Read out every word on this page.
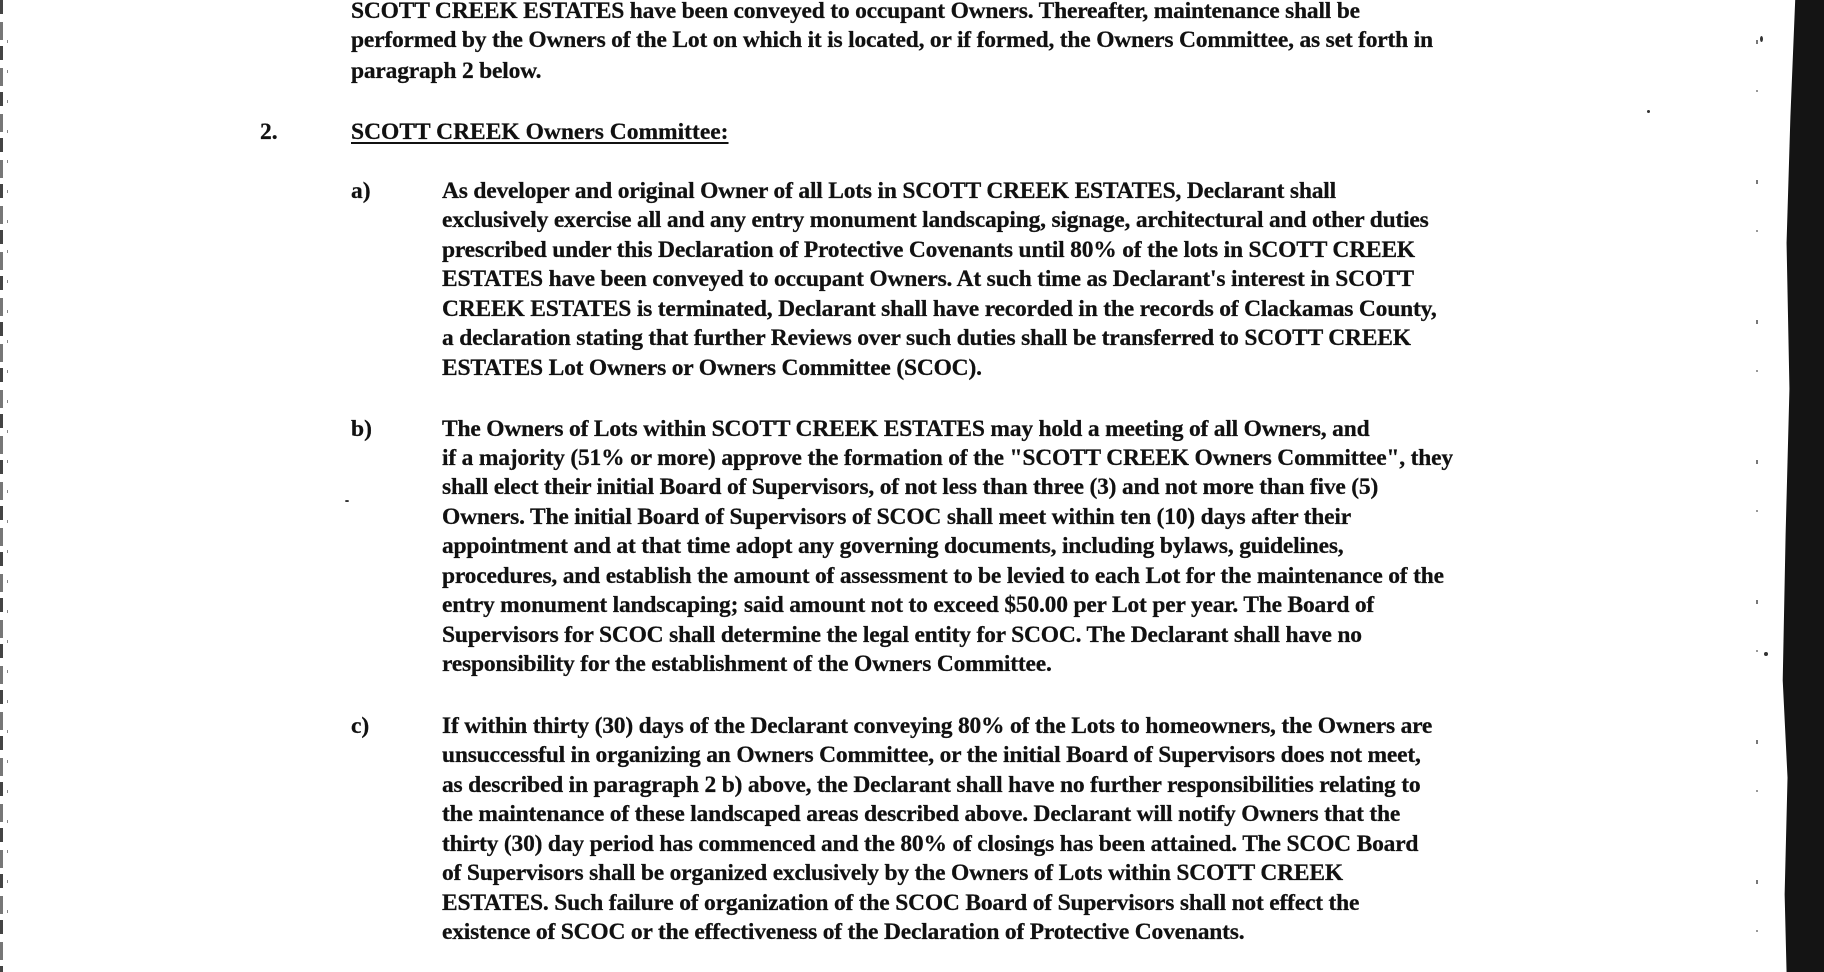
SCOTT CREEK ESTATES have been conveyed to occupant Owners. Thereafter, maintenance shall be
performed by the Owners of the Lot on which it is located, or if formed, the Owners Committee, as set forth in
paragraph 2 below.
2.	SCOTT CREEK Owners Committee:
a)	As developer and original Owner of all Lots in SCOTT CREEK ESTATES, Declarant shall
exclusively exercise all and any entry monument landscaping, signage, architectural and other duties
prescribed under this Declaration of Protective Covenants until 80% of the lots in SCOTT CREEK
ESTATES have been conveyed to occupant Owners. At such time as Declarant's interest in SCOTT
CREEK ESTATES is terminated, Declarant shall have recorded in the records of Clackamas County,
a declaration stating that further Reviews over such duties shall be transferred to SCOTT CREEK
ESTATES Lot Owners or Owners Committee (SCOC).
b)	The Owners of Lots within SCOTT CREEK ESTATES may hold a meeting of all Owners, and
if a majority (51% or more) approve the formation of the "SCOTT CREEK Owners Committee", they
shall elect their initial Board of Supervisors, of not less than three (3) and not more than five (5)
Owners. The initial Board of Supervisors of SCOC shall meet within ten (10) days after their
appointment and at that time adopt any governing documents, including bylaws, guidelines,
procedures, and establish the amount of assessment to be levied to each Lot for the maintenance of the
entry monument landscaping; said amount not to exceed $50.00 per Lot per year. The Board of
Supervisors for SCOC shall determine the legal entity for SCOC. The Declarant shall have no
responsibility for the establishment of the Owners Committee.
c)	If within thirty (30) days of the Declarant conveying 80% of the Lots to homeowners, the Owners are
unsuccessful in organizing an Owners Committee, or the initial Board of Supervisors does not meet,
as described in paragraph 2 b) above, the Declarant shall have no further responsibilities relating to
the maintenance of these landscaped areas described above. Declarant will notify Owners that the
thirty (30) day period has commenced and the 80% of closings has been attained. The SCOC Board
of Supervisors shall be organized exclusively by the Owners of Lots within SCOTT CREEK
ESTATES. Such failure of organization of the SCOC Board of Supervisors shall not effect the
existence of SCOC or the effectiveness of the Declaration of Protective Covenants.
